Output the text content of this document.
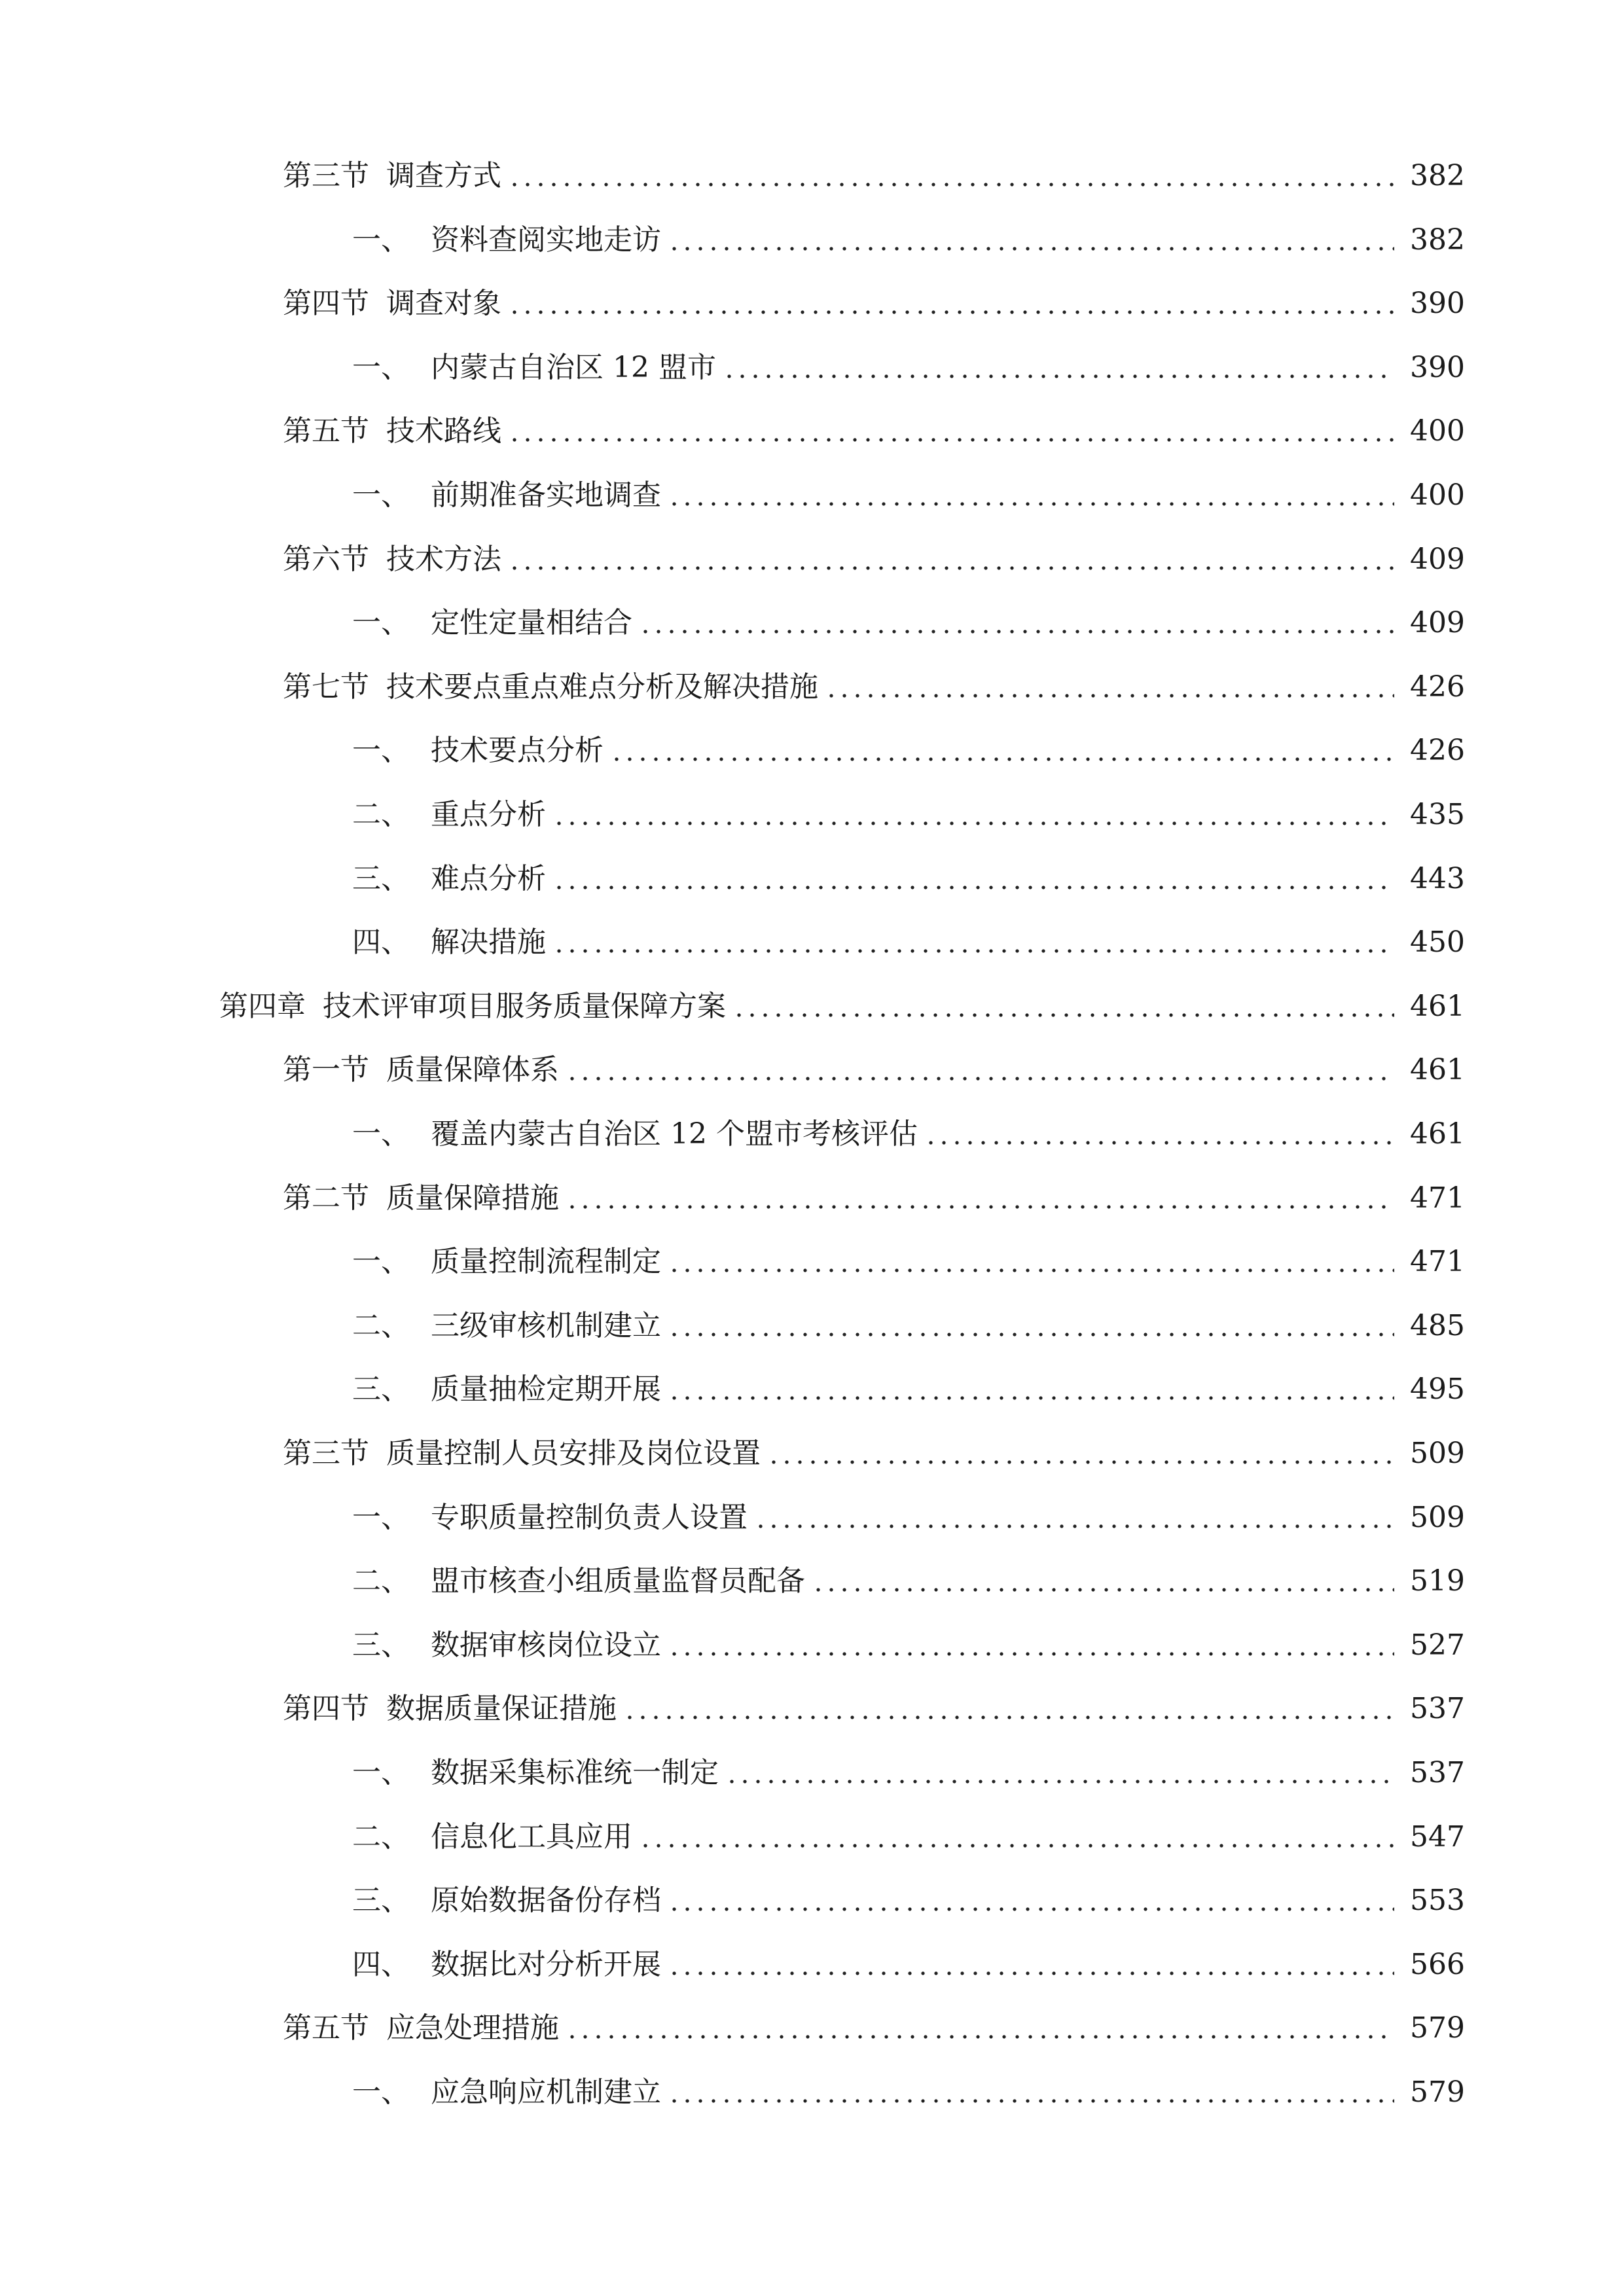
第三节 调查方式	382
一、 资料查阅实地走访	382
第四节 调查对象	390
一、 内蒙古自治区 12 盟市	390
第五节 技术路线	400
一、 前期准备实地调查	400
第六节 技术方法	409
一、 定性定量相结合	409
第七节 技术要点重点难点分析及解决措施	426
一、 技术要点分析	426
二、 重点分析	435
三、 难点分析	443
四、 解决措施	450
第四章 技术评审项目服务质量保障方案	461
第一节 质量保障体系	461
一、 覆盖内蒙古自治区 12 个盟市考核评估	461
第二节 质量保障措施	471
一、 质量控制流程制定	471
二、 三级审核机制建立	485
三、 质量抽检定期开展	495
第三节 质量控制人员安排及岗位设置	509
一、 专职质量控制负责人设置	509
二、 盟市核查小组质量监督员配备	519
三、 数据审核岗位设立	527
第四节 数据质量保证措施	537
一、 数据采集标准统一制定	537
二、 信息化工具应用	547
三、 原始数据备份存档	553
四、 数据比对分析开展	566
第五节 应急处理措施	579
一、 应急响应机制建立	579
